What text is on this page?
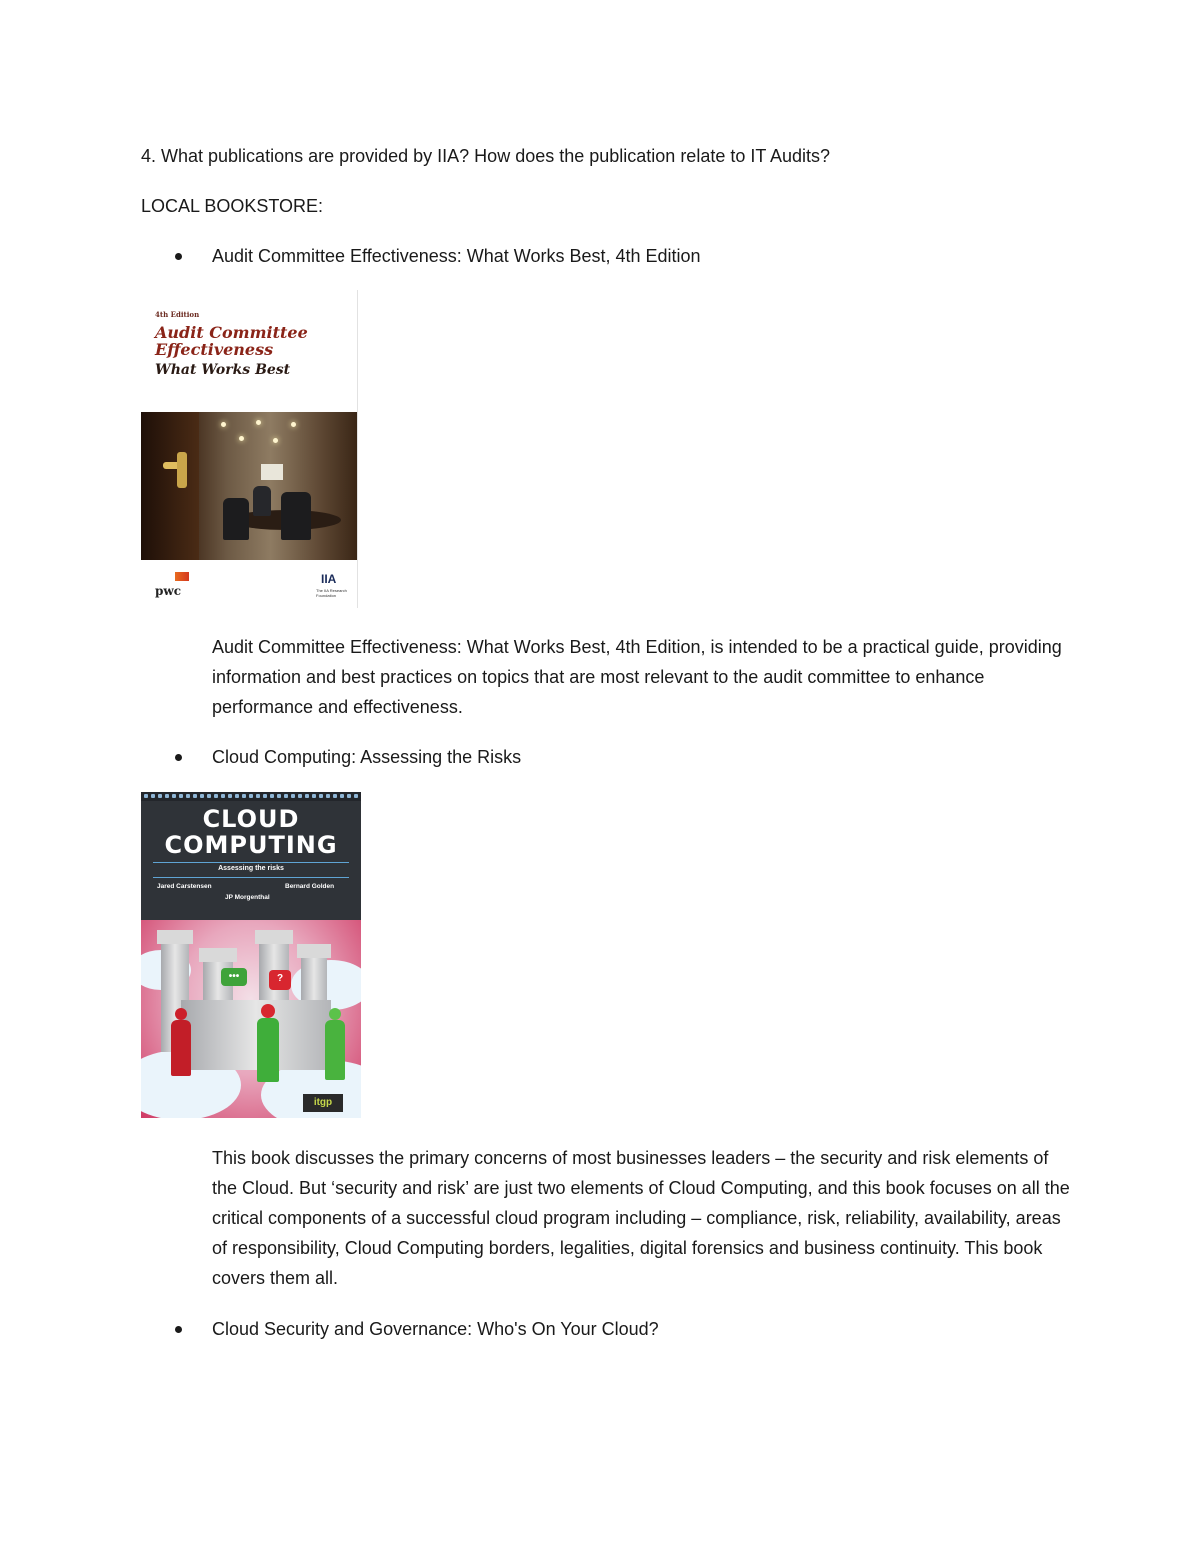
4. What publications are provided by IIA? How does the publication relate to IT Audits?
LOCAL BOOKSTORE:
Audit Committee Effectiveness: What Works Best, 4th Edition
4th Edition
Audit Committee
Effectiveness
What Works Best
pwc
IIA
The IIA Research Foundation
Audit Committee Effectiveness: What Works Best, 4th Edition, is intended to be a practical guide, providing information and best practices on topics that are most relevant to the audit committee to enhance performance and effectiveness.
Cloud Computing: Assessing the Risks
CLOUD
COMPUTING
Assessing the risks
Jared Carstensen	Bernard Golden
JP Morgenthal
•••	?
itgp
This book discusses the primary concerns of most businesses leaders – the security and risk elements of the Cloud. But ‘security and risk’ are just two elements of Cloud Computing, and this book focuses on all the critical components of a successful cloud program including – compliance, risk, reliability, availability, areas of responsibility, Cloud Computing borders, legalities, digital forensics and business continuity. This book covers them all.
Cloud Security and Governance: Who's On Your Cloud?
